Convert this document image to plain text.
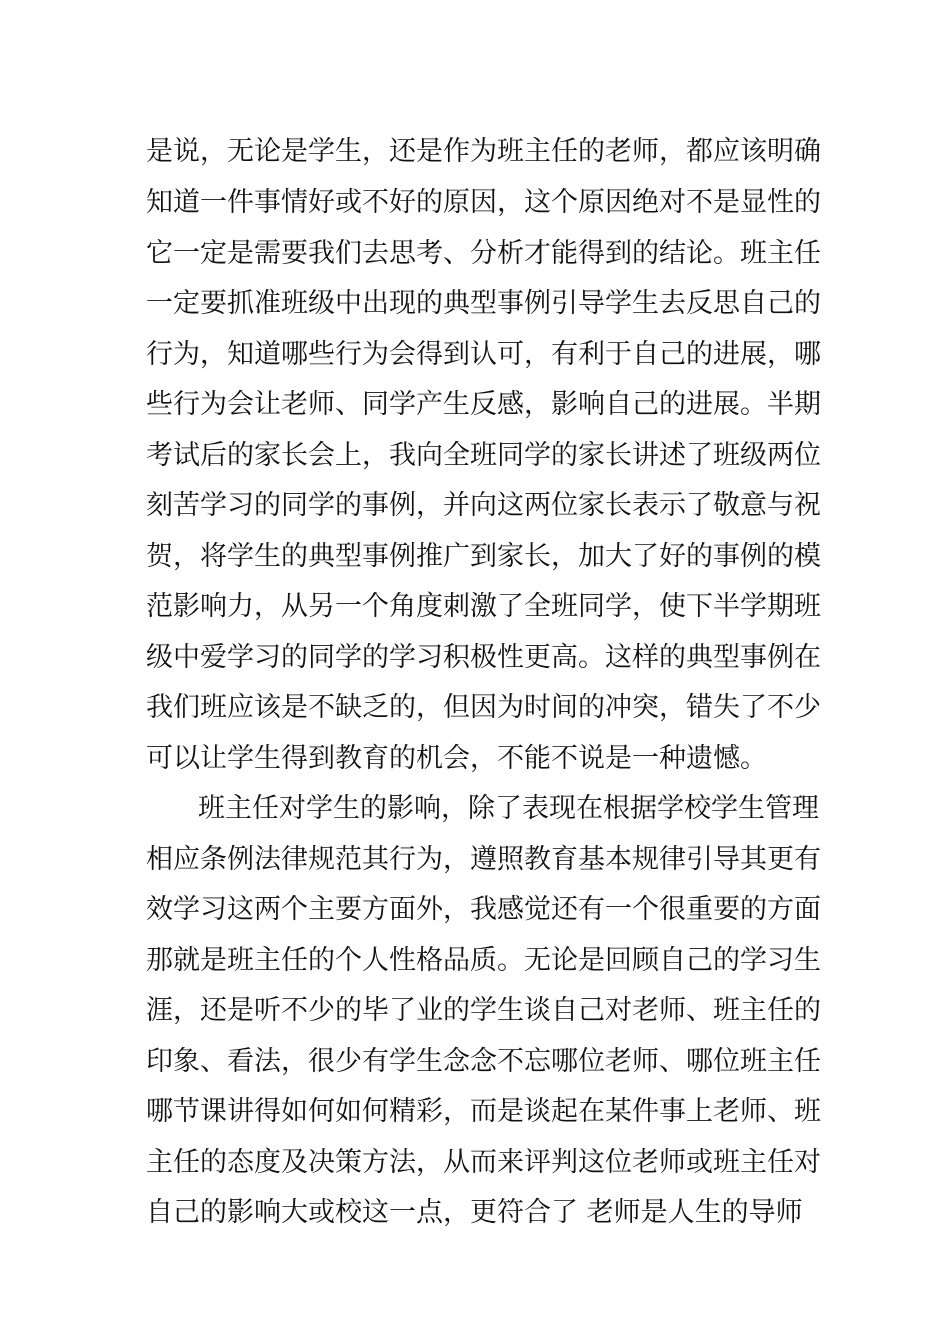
是说，无论是学生，还是作为班主任的老师，都应该明确
知道一件事情好或不好的原因，这个原因绝对不是显性的
它一定是需要我们去思考、分析才能得到的结论。班主任
一定要抓准班级中出现的典型事例引导学生去反思自己的
行为，知道哪些行为会得到认可，有利于自己的进展，哪
些行为会让老师、同学产生反感，影响自己的进展。半期
考试后的家长会上，我向全班同学的家长讲述了班级两位
刻苦学习的同学的事例，并向这两位家长表示了敬意与祝
贺，将学生的典型事例推广到家长，加大了好的事例的模
范影响力，从另一个角度刺激了全班同学，使下半学期班
级中爱学习的同学的学习积极性更高。这样的典型事例在
我们班应该是不缺乏的，但因为时间的冲突，错失了不少
可以让学生得到教育的机会，不能不说是一种遗憾。
班主任对学生的影响，除了表现在根据学校学生管理
相应条例法律规范其行为，遵照教育基本规律引导其更有
效学习这两个主要方面外，我感觉还有一个很重要的方面
那就是班主任的个人性格品质。无论是回顾自己的学习生
涯，还是听不少的毕了业的学生谈自己对老师、班主任的
印象、看法，很少有学生念念不忘哪位老师、哪位班主任
哪节课讲得如何如何精彩，而是谈起在某件事上老师、班
主任的态度及决策方法，从而来评判这位老师或班主任对
自己的影响大或校这一点，更符合了 老师是人生的导师
